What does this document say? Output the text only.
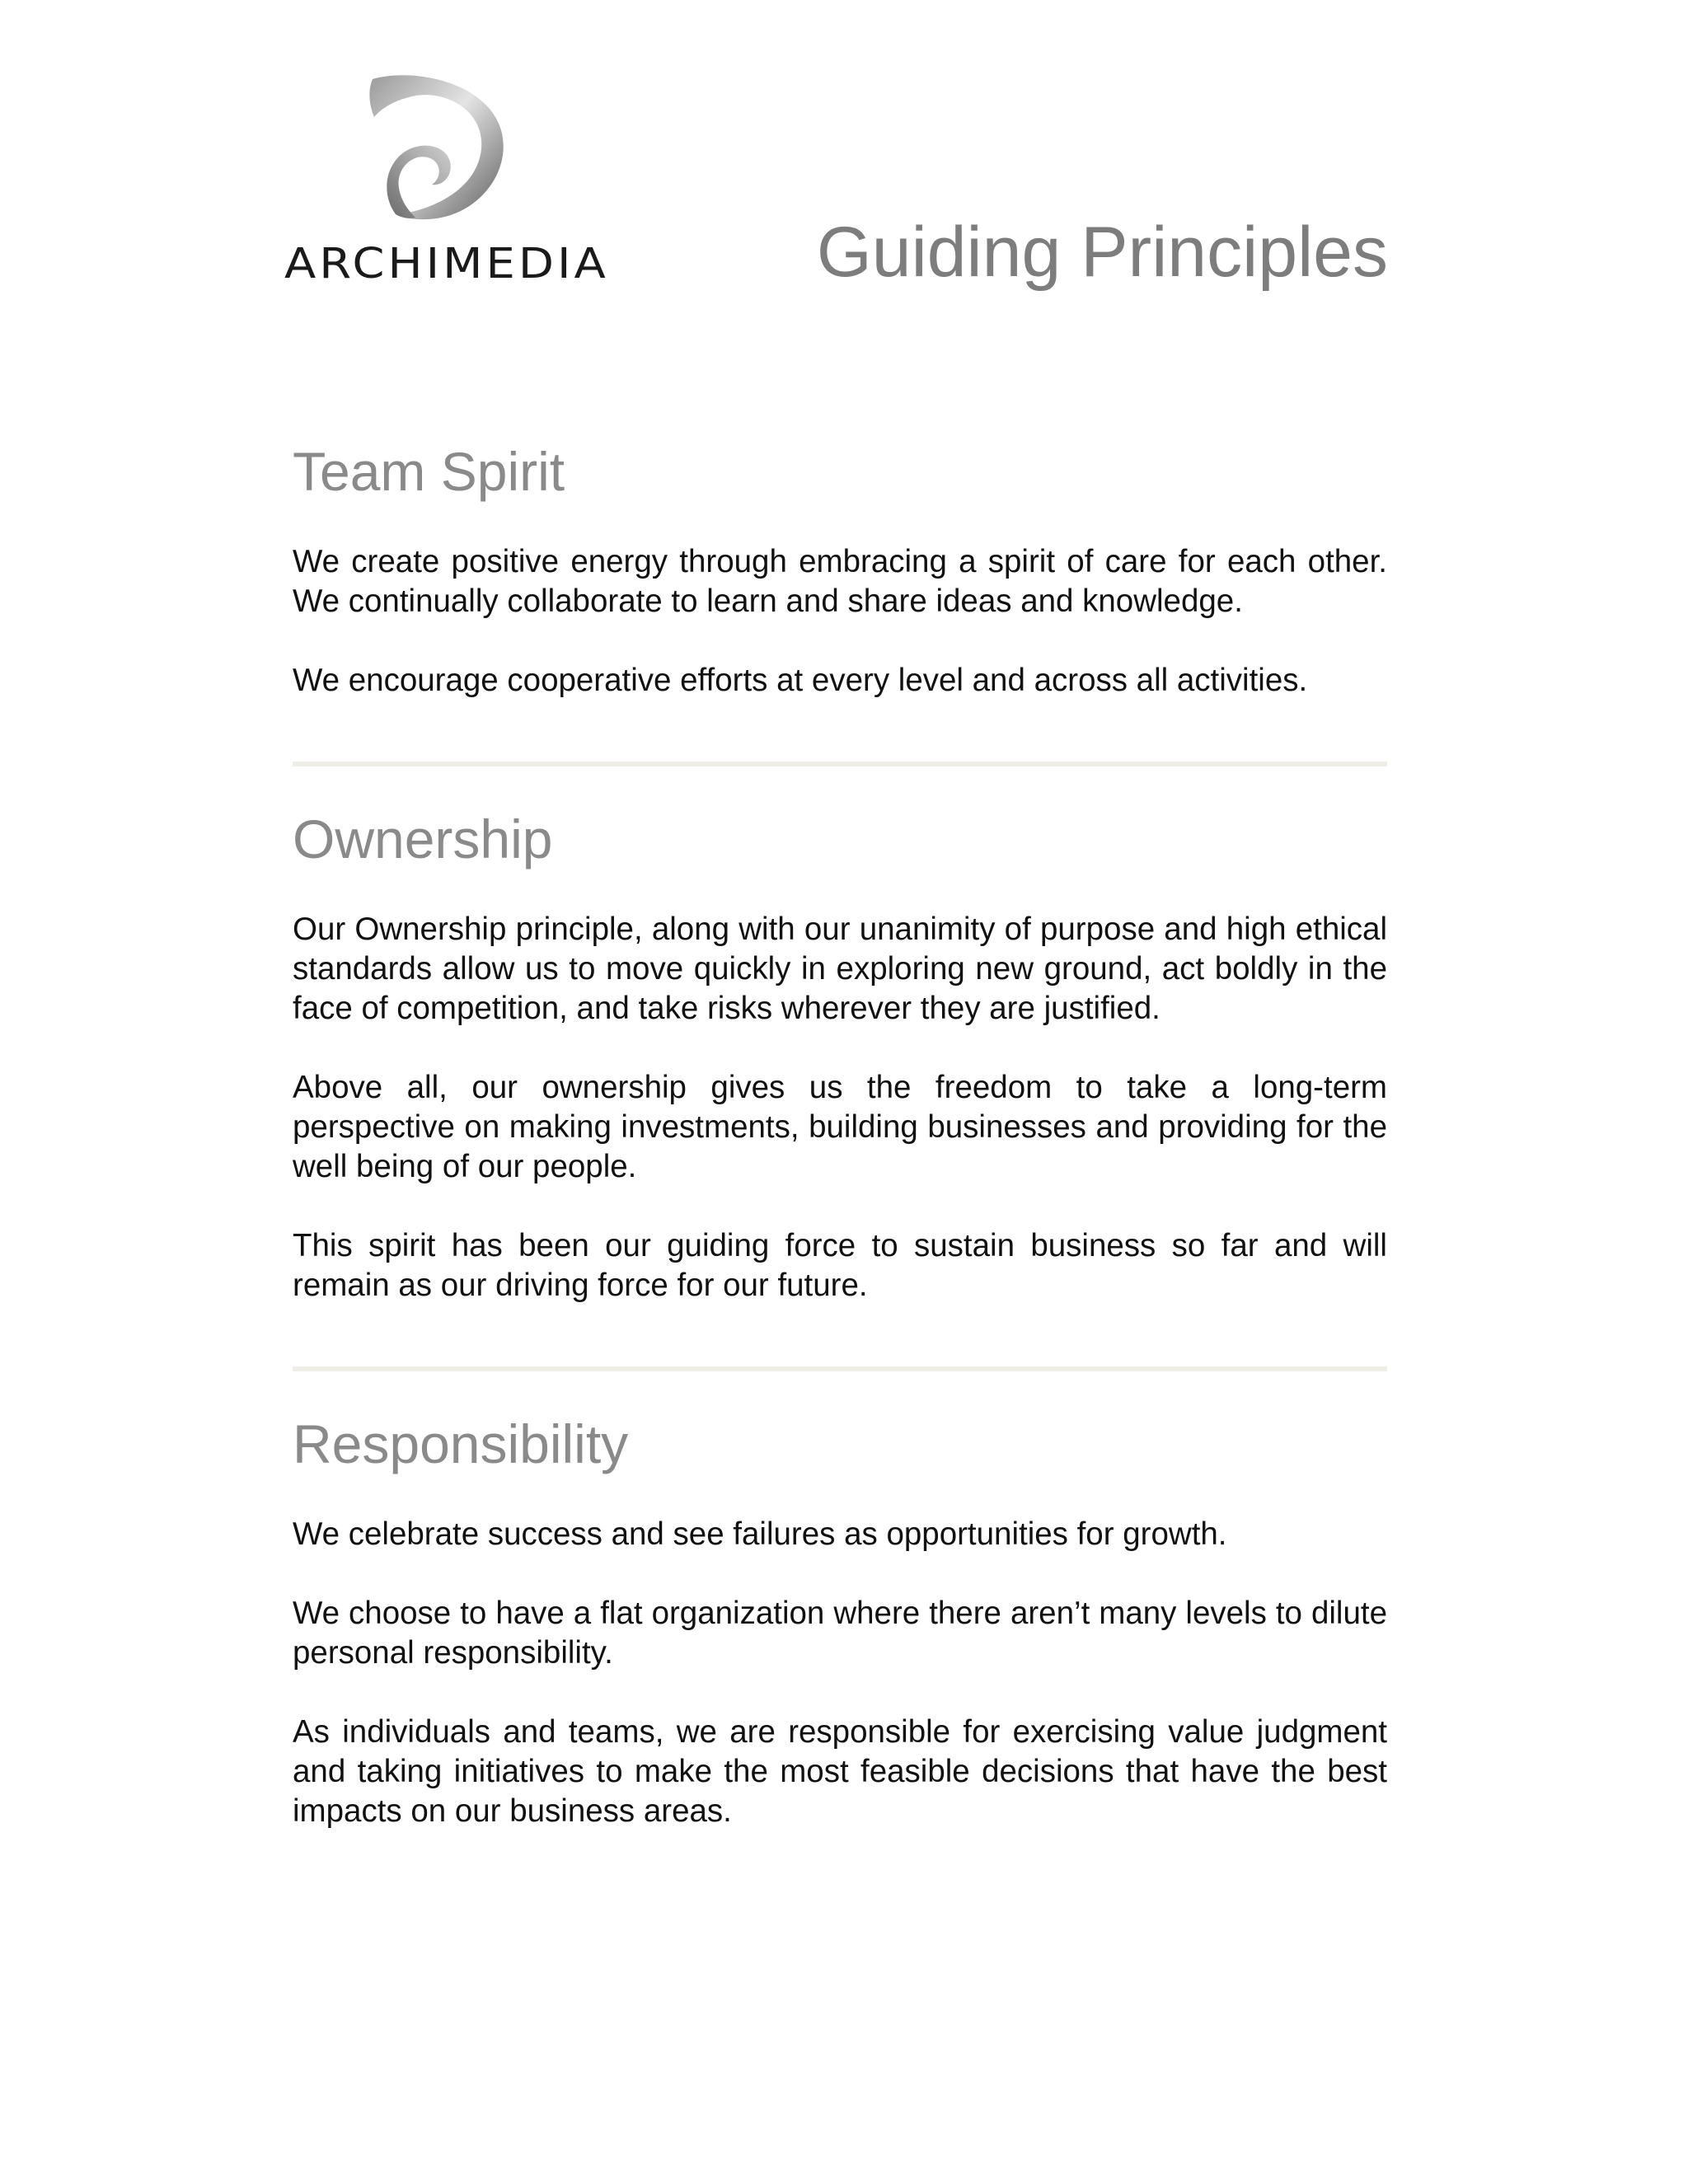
ARCHIMEDIA	Guiding Principles
Team Spirit

We create positive energy through embracing a spirit of care for each other. We continually collaborate to learn and share ideas and knowledge.

We encourage cooperative efforts at every level and across all activities.

Ownership

Our Ownership principle, along with our unanimity of purpose and high ethical standards allow us to move quickly in exploring new ground, act boldly in the face of competition, and take risks wherever they are justified.

Above all, our ownership gives us the freedom to take a long-term perspective on making investments, building businesses and providing for the well being of our people.

This spirit has been our guiding force to sustain business so far and will remain as our driving force for our future.

Responsibility

We celebrate success and see failures as opportunities for growth.

We choose to have a flat organization where there aren’t many levels to dilute personal responsibility.

As individuals and teams, we are responsible for exercising value judgment and taking initiatives to make the most feasible decisions that have the best impacts on our business areas.
